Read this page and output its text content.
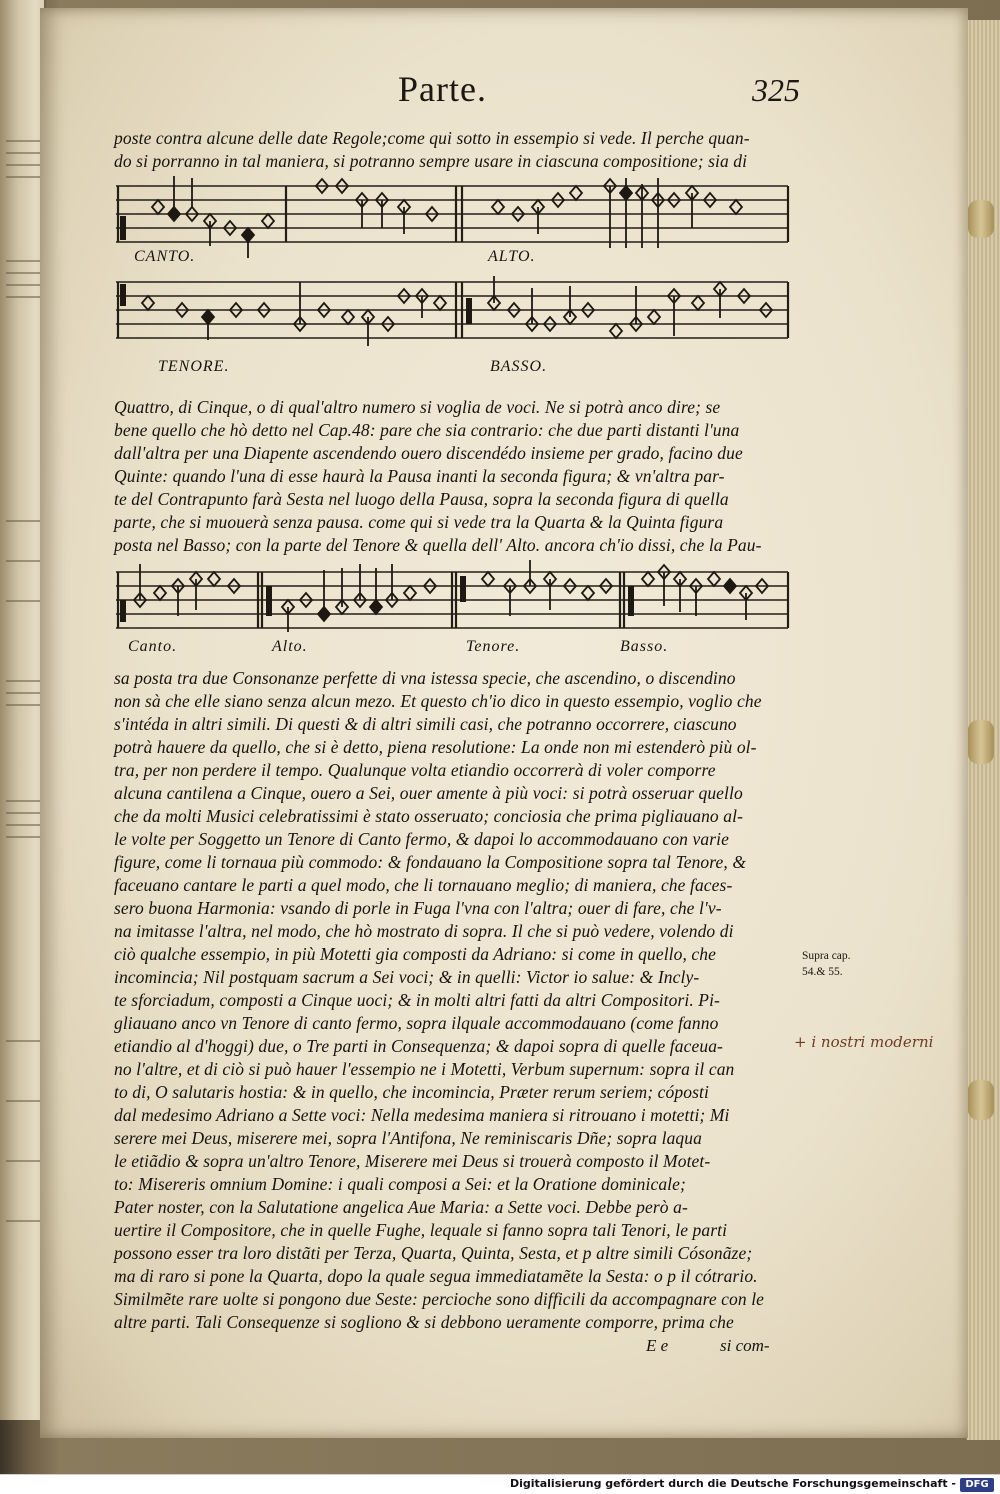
Parte.	325
poste contra alcune delle date Regole;come qui sotto in essempio si vede. Il perche quan-
do si porranno in tal maniera, si potranno sempre usare in ciascuna compositione; sia di
CANTO.	ALTO.
TENORE.	BASSO.
Quattro, di Cinque, o di qual'altro numero si voglia de voci. Ne si potrà anco dire; se
bene quello che hò detto nel Cap.48: pare che sia contrario: che due parti distanti l'una
dall'altra per una Diapente ascendendo ouero discendédo insieme per grado, facino due
Quinte: quando l'una di esse haurà la Pausa inanti la seconda figura; & vn'altra par-
te del Contrapunto farà Sesta nel luogo della Pausa, sopra la seconda figura di quella
parte, che si muouerà senza pausa. come qui si vede tra la Quarta & la Quinta figura
posta nel Basso; con la parte del Tenore & quella dell' Alto. ancora ch'io dissi, che la Pau-
Canto.	Alto.	Tenore.	Basso.
sa posta tra due Consonanze perfette di vna istessa specie, che ascendino, o discendino
non sà che elle siano senza alcun mezo. Et questo ch'io dico in questo essempio, voglio che
s'intéda in altri simili. Di questi & di altri simili casi, che potranno occorrere, ciascuno
potrà hauere da quello, che si è detto, piena resolutione: La onde non mi estenderò più ol-
tra, per non perdere il tempo. Qualunque volta etiandio occorrerà di voler comporre
alcuna cantilena a Cinque, ouero a Sei, ouer amente à più voci: si potrà osseruar quello
che da molti Musici celebratissimi è stato osseruato; conciosia che prima pigliauano al-
le volte per Soggetto un Tenore di Canto fermo, & dapoi lo accommodauano con varie
figure, come li tornaua più commodo: & fondauano la Compositione sopra tal Tenore, &
faceuano cantare le parti a quel modo, che li tornauano meglio; di maniera, che faces-
sero buona Harmonia: vsando di porle in Fuga l'vna con l'altra; ouer di fare, che l'v-
na imitasse l'altra, nel modo, che hò mostrato di sopra. Il che si può vedere, volendo di
ciò qualche essempio, in più Motetti gia composti da Adriano: si come in quello, che
incomincia; Nil postquam sacrum a Sei voci; & in quelli: Victor io salue: & Incly-
te sforciadum, composti a Cinque uoci; & in molti altri fatti da altri Compositori. Pi-
gliauano anco vn Tenore di canto fermo, sopra ilquale accommodauano (come fanno
etiandio al d'hoggi) due, o Tre parti in Consequenza; & dapoi sopra di quelle faceua-
no l'altre, et di ciò si può hauer l'essempio ne i Motetti, Verbum supernum: sopra il can
to di, O salutaris hostia: & in quello, che incomincia, Præter rerum seriem; cóposti
dal medesimo Adriano a Sette voci: Nella medesima maniera si ritrouano i motetti; Mi
serere mei Deus, miserere mei, sopra l'Antifona, Ne reminiscaris Dñe; sopra laqua
le etiãdio & sopra un'altro Tenore, Miserere mei Deus si trouerà composto il Motet-
to: Misereris omnium Domine: i quali composi a Sei: et la Oratione dominicale;
Pater noster, con la Salutatione angelica Aue Maria: a Sette voci. Debbe però a-
uertire il Compositore, che in quelle Fughe, lequale si fanno sopra tali Tenori, le parti
possono esser tra loro distãti per Terza, Quarta, Quinta, Sesta, et p altre simili Cósonãze;
ma di raro si pone la Quarta, dopo la quale segua immediatamẽte la Sesta: o p il cótrario.
Similmẽte rare uolte si pongono due Seste: percioche sono difficili da accompagnare con le
altre parti. Tali Consequenze si sogliono & si debbono ueramente comporre, prima che
Supra cap.
54.& 55.
+ i nostri moderni
E e	si com-
Digitalisierung gefördert durch die Deutsche Forschungsgemeinschaft - DFG
